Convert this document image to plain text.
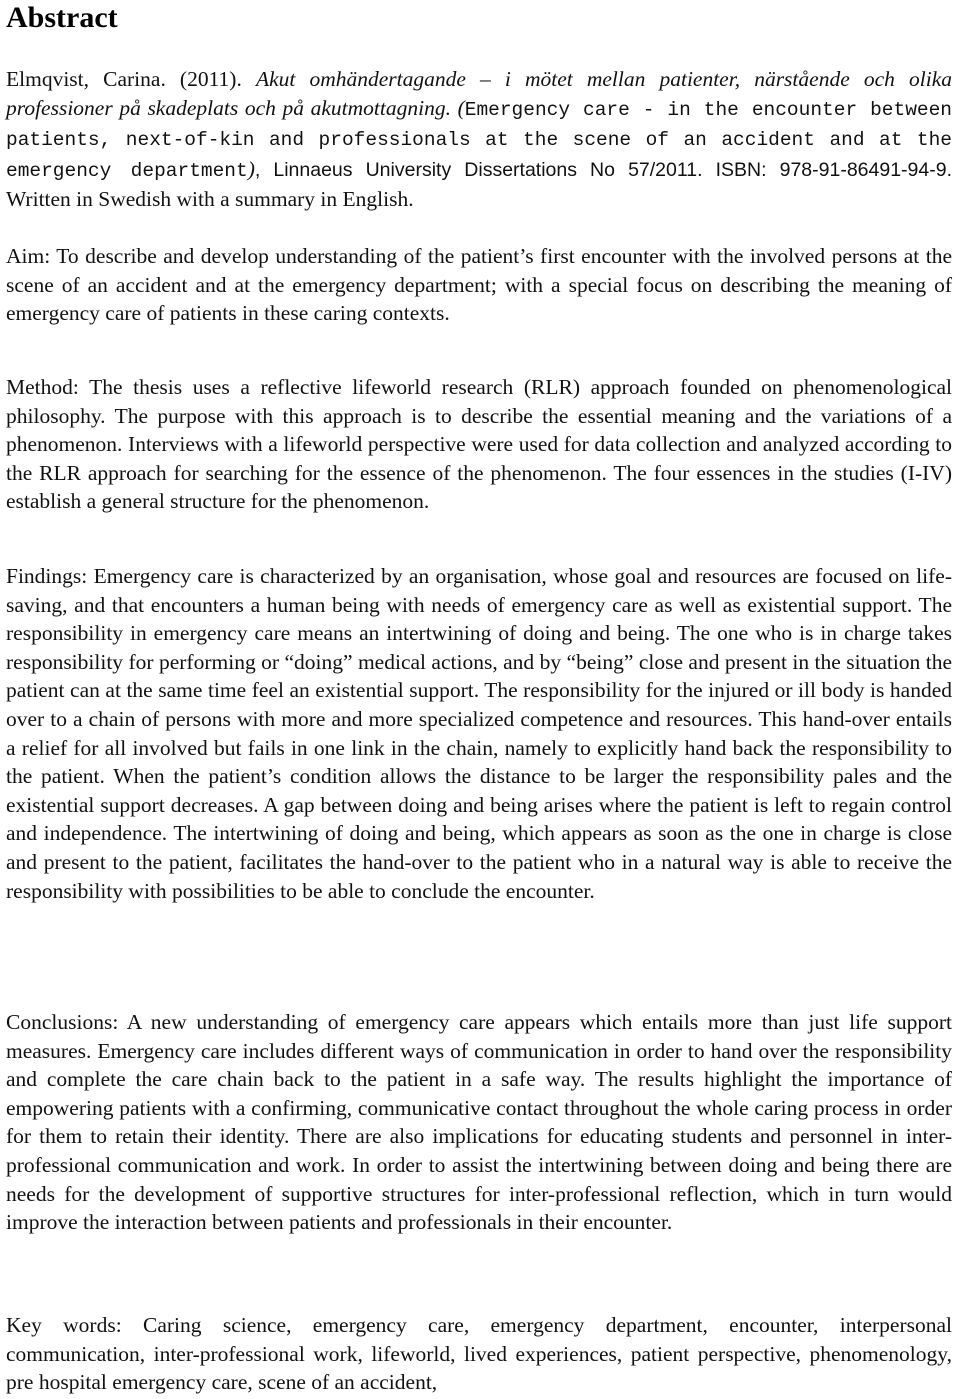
Abstract

Elmqvist, Carina. (2011). Akut omhändertagande – i mötet mellan patienter, närstående och olika professioner på skadeplats och på akutmottagning. (Emergency care - in the encounter between patients, next-of-kin and professionals at the scene of an accident and at the emergency department), Linnaeus University Dissertations No 57/2011. ISBN: 978-91-86491-94-9. Written in Swedish with a summary in English.

Aim: To describe and develop understanding of the patient’s first encounter with the involved persons at the scene of an accident and at the emergency department; with a special focus on describing the meaning of emergency care of patients in these caring contexts.

Method: The thesis uses a reflective lifeworld research (RLR) approach founded on phenomenological philosophy. The purpose with this approach is to describe the essential meaning and the variations of a phenomenon. Interviews with a lifeworld perspective were used for data collection and analyzed according to the RLR approach for searching for the essence of the phenomenon. The four essences in the studies (I-IV) establish a general structure for the phenomenon.

Findings: Emergency care is characterized by an organisation, whose goal and resources are focused on life-saving, and that encounters a human being with needs of emergency care as well as existential support. The responsibility in emergency care means an intertwining of doing and being. The one who is in charge takes responsibility for performing or “doing” medical actions, and by “being” close and present in the situation the patient can at the same time feel an existential support. The responsibility for the injured or ill body is handed over to a chain of persons with more and more specialized competence and resources. This hand-over entails a relief for all involved but fails in one link in the chain, namely to explicitly hand back the responsibility to the patient. When the patient’s condition allows the distance to be larger the responsibility pales and the existential support decreases. A gap between doing and being arises where the patient is left to regain control and independence. The intertwining of doing and being, which appears as soon as the one in charge is close and present to the patient, facilitates the hand-over to the patient who in a natural way is able to receive the responsibility with possibilities to be able to conclude the encounter.

Conclusions: A new understanding of emergency care appears which entails more than just life support measures. Emergency care includes different ways of communication in order to hand over the responsibility and complete the care chain back to the patient in a safe way. The results highlight the importance of empowering patients with a confirming, communicative contact throughout the whole caring process in order for them to retain their identity. There are also implications for educating students and personnel in inter-professional communication and work. In order to assist the intertwining between doing and being there are needs for the development of supportive structures for inter-professional reflection, which in turn would improve the interaction between patients and professionals in their encounter.

Key words: Caring science, emergency care, emergency department, encounter, interpersonal communication, inter-professional work, lifeworld, lived experiences, patient perspective, phenomenology, pre hospital emergency care, scene of an accident,
